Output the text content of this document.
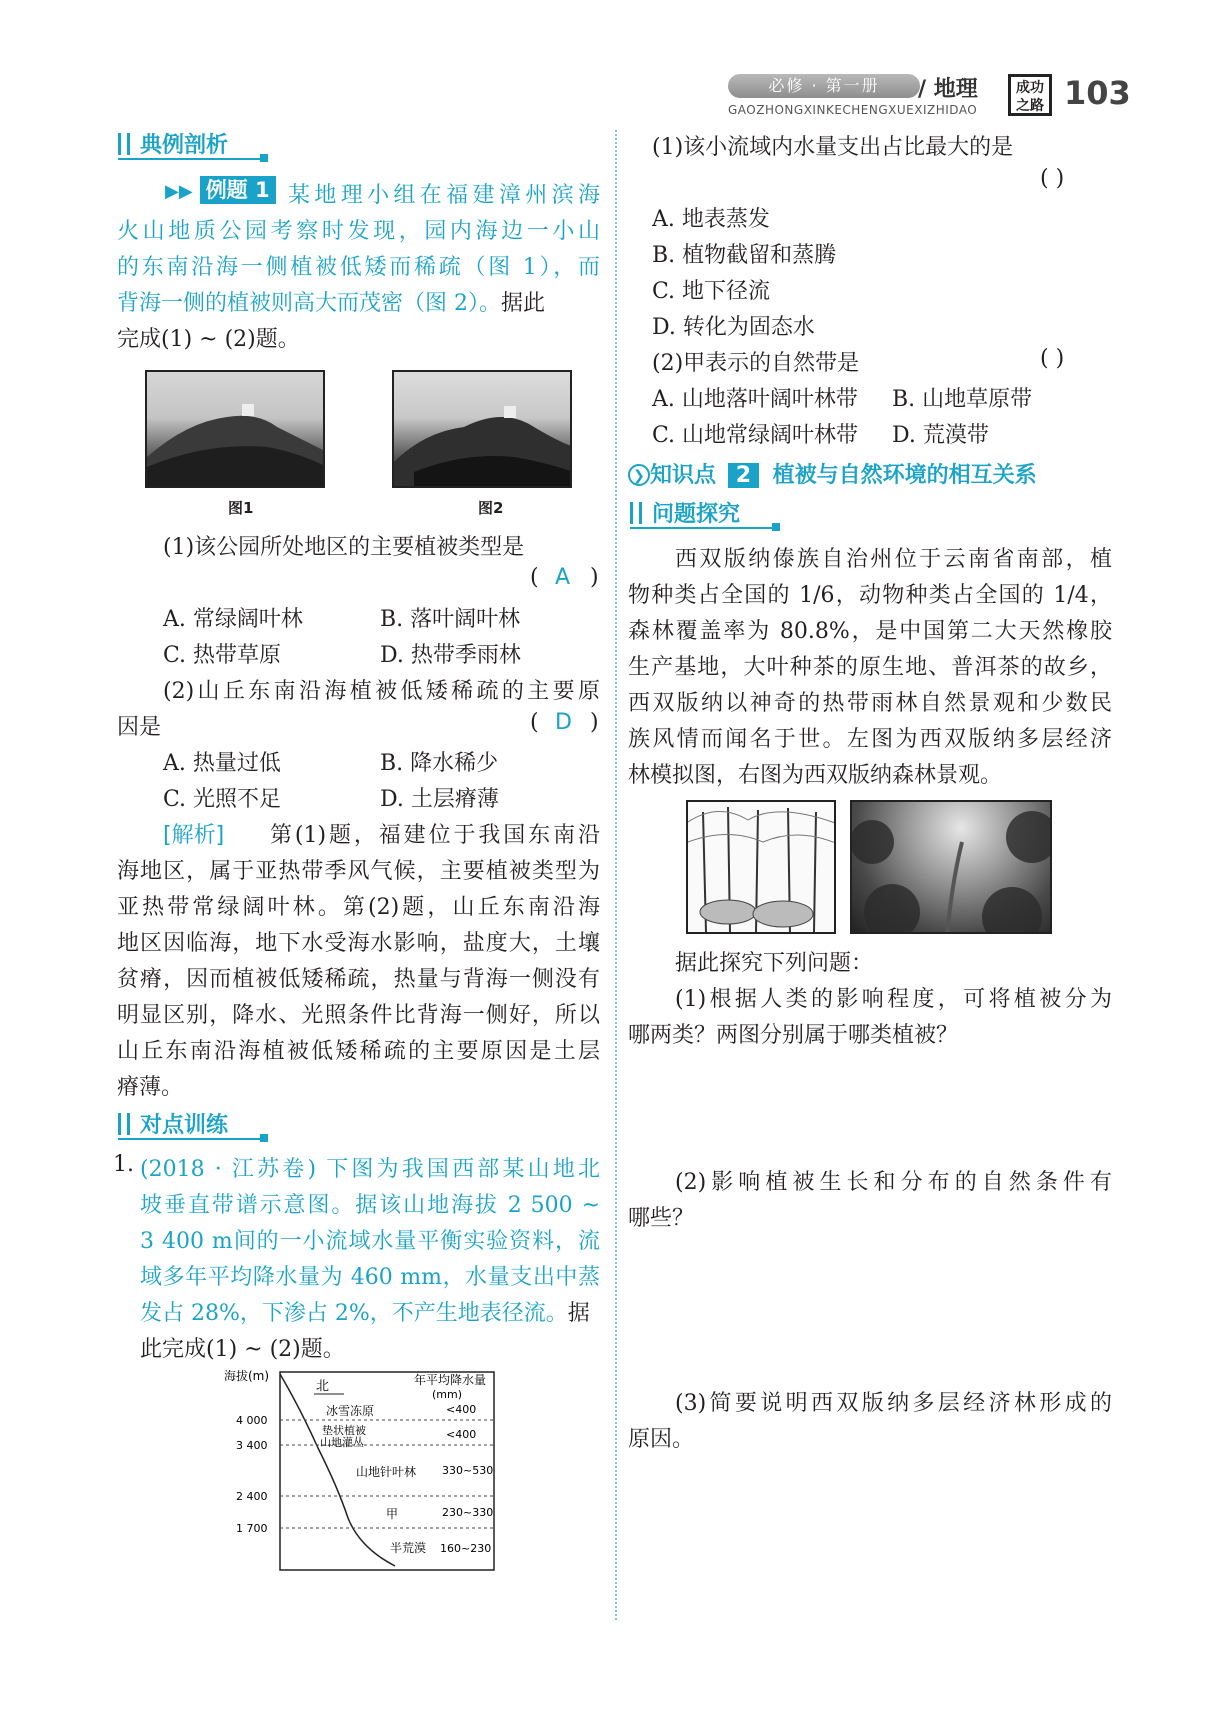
必修 · 第一册	/ 地理
GAOZHONGXINKECHENGXUEXIZHIDAO
成功之路 103
典例剖析
▶▶ 例题 1 某地理小组在福建漳州滨海
火山地质公园考察时发现，园内海边一小山
的东南沿海一侧植被低矮而稀疏（图 1），而
背海一侧的植被则高大而茂密（图 2）。据此
完成(1) ~ (2)题。
图1	图2
(1)该公园所处地区的主要植被类型是
( A )
A. 常绿阔叶林	B. 落叶阔叶林
C. 热带草原	D. 热带季雨林
(2)山丘东南沿海植被低矮稀疏的主要原
因是	( D )
A. 热量过低	B. 降水稀少
C. 光照不足	D. 土层瘠薄
[解析] 第(1)题，福建位于我国东南沿
海地区，属于亚热带季风气候，主要植被类型为
亚热带常绿阔叶林。第(2)题，山丘东南沿海
地区因临海，地下水受海水影响，盐度大，土壤
贫瘠，因而植被低矮稀疏，热量与背海一侧没有
明显区别，降水、光照条件比背海一侧好，所以
山丘东南沿海植被低矮稀疏的主要原因是土层
瘠薄。
对点训练
1. (2018 · 江苏卷) 下图为我国西部某山地北
坡垂直带谱示意图。据该山地海拔 2 500 ~
3 400 m间的一小流域水量平衡实验资料，流
域多年平均降水量为 460 mm，水量支出中蒸
发占 28%，下渗占 2%，不产生地表径流。据
此完成(1) ~ (2)题。
海拔(m)
北	年平均降水量
(mm)
4 000
3 400
2 400
1 700
冰雪冻原	<400
垫状植被山地灌丛
<400
山地针叶林 330~530
甲	230~330
半荒漠 160~230
(1)该小流域内水量支出占比最大的是
( )
A. 地表蒸发
B. 植物截留和蒸腾
C. 地下径流
D. 转化为固态水
(2)甲表示的自然带是	( )
A. 山地落叶阔叶林带 B. 山地草原带
C. 山地常绿阔叶林带 D. 荒漠带
❯ 知识点 2 植被与自然环境的相互关系
问题探究
西双版纳傣族自治州位于云南省南部，植
物种类占全国的 1/6，动物种类占全国的 1/4，
森林覆盖率为 80.8%，是中国第二大天然橡胶
生产基地，大叶种茶的原生地、普洱茶的故乡，
西双版纳以神奇的热带雨林自然景观和少数民
族风情而闻名于世。左图为西双版纳多层经济
林模拟图，右图为西双版纳森林景观。
据此探究下列问题：
(1)根据人类的影响程度，可将植被分为
哪两类？两图分别属于哪类植被？
(2)影响植被生长和分布的自然条件有
哪些？
(3)简要说明西双版纳多层经济林形成的
原因。
